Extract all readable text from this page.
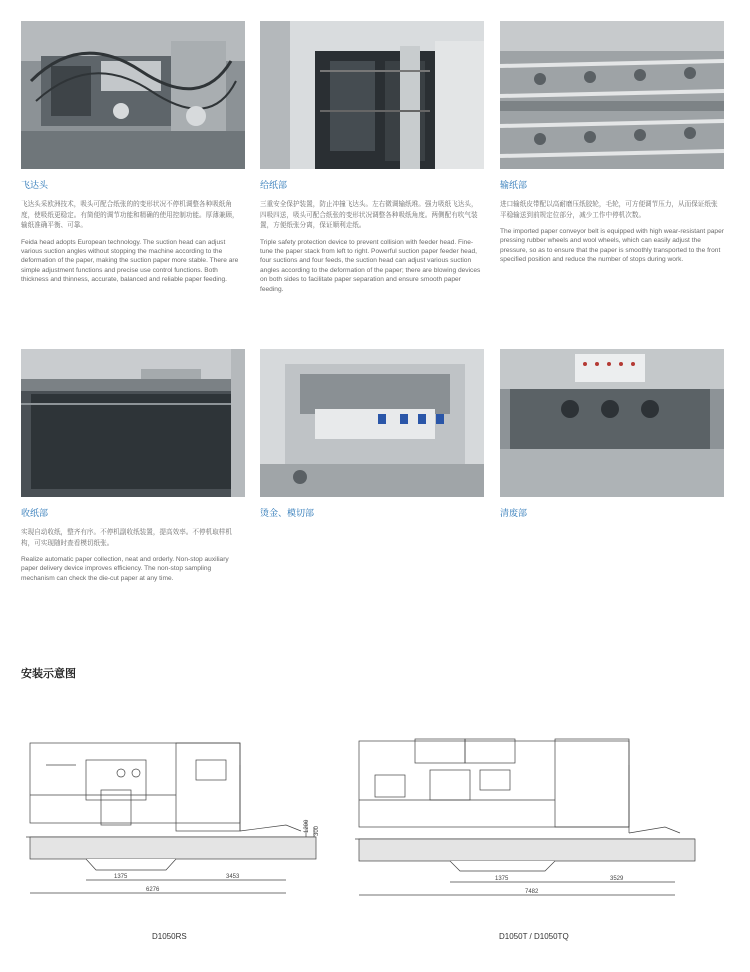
飞达头
飞达头采欧洲技术，吸头可配合纸张的的变形状况不停机调整各种吸纸角度，使吸纸更稳定。有简便的调节功能和精确的使用控制功能。厚薄兼顾，输纸准确平衡、可靠。
Feida head adopts European technology. The suction head can adjust various suction angles without stopping the machine according to the deformation of the paper, making the suction paper more stable. There are simple adjustment functions and precise use control functions. Both thickness and thinness, accurate, balanced and reliable paper feeding.
给纸部
三重安全保护装置，防止冲撞飞达头。左右微调输纸堆。强力吸纸飞达头，四吸四送，吸头可配合纸张的变形状况调整各种吸纸角度。两侧配有吹气装置，方便纸张分离，保证顺利走纸。
Triple safety protection device to prevent collision with feeder head. Fine-tune the paper stack from left to right. Powerful suction paper feeder head, four suctions and four feeds, the suction head can adjust various suction angles according to the deformation of the paper; there are blowing devices on both sides to facilitate paper separation and ensure smooth paper feeding.
输纸部
进口输纸皮带配以高耐磨压纸胶轮，毛轮，可方便调节压力，从而保证纸张平稳输送到前规定位部分，减少工作中停机次数。
The imported paper conveyor belt is equipped with high wear-resistant paper pressing rubber wheels and wool wheels, which can easily adjust the pressure, so as to ensure that the paper is smoothly transported to the front specified position and reduce the number of stops during work.
收纸部
实现自动收纸，整齐有序。不停机副收纸装置，提高效率。不停机取样机构，可实现随时查看模切纸张。
Realize automatic paper collection, neat and orderly. Non-stop auxiliary paper delivery device improves efficiency. The non-stop sampling mechanism can check the die-cut paper at any time.
烫金、模切部	清废部
安装示意图
1375	3453
6276
1200 300
1375	3529
7482
D1050RS	D1050T / D1050TQ
